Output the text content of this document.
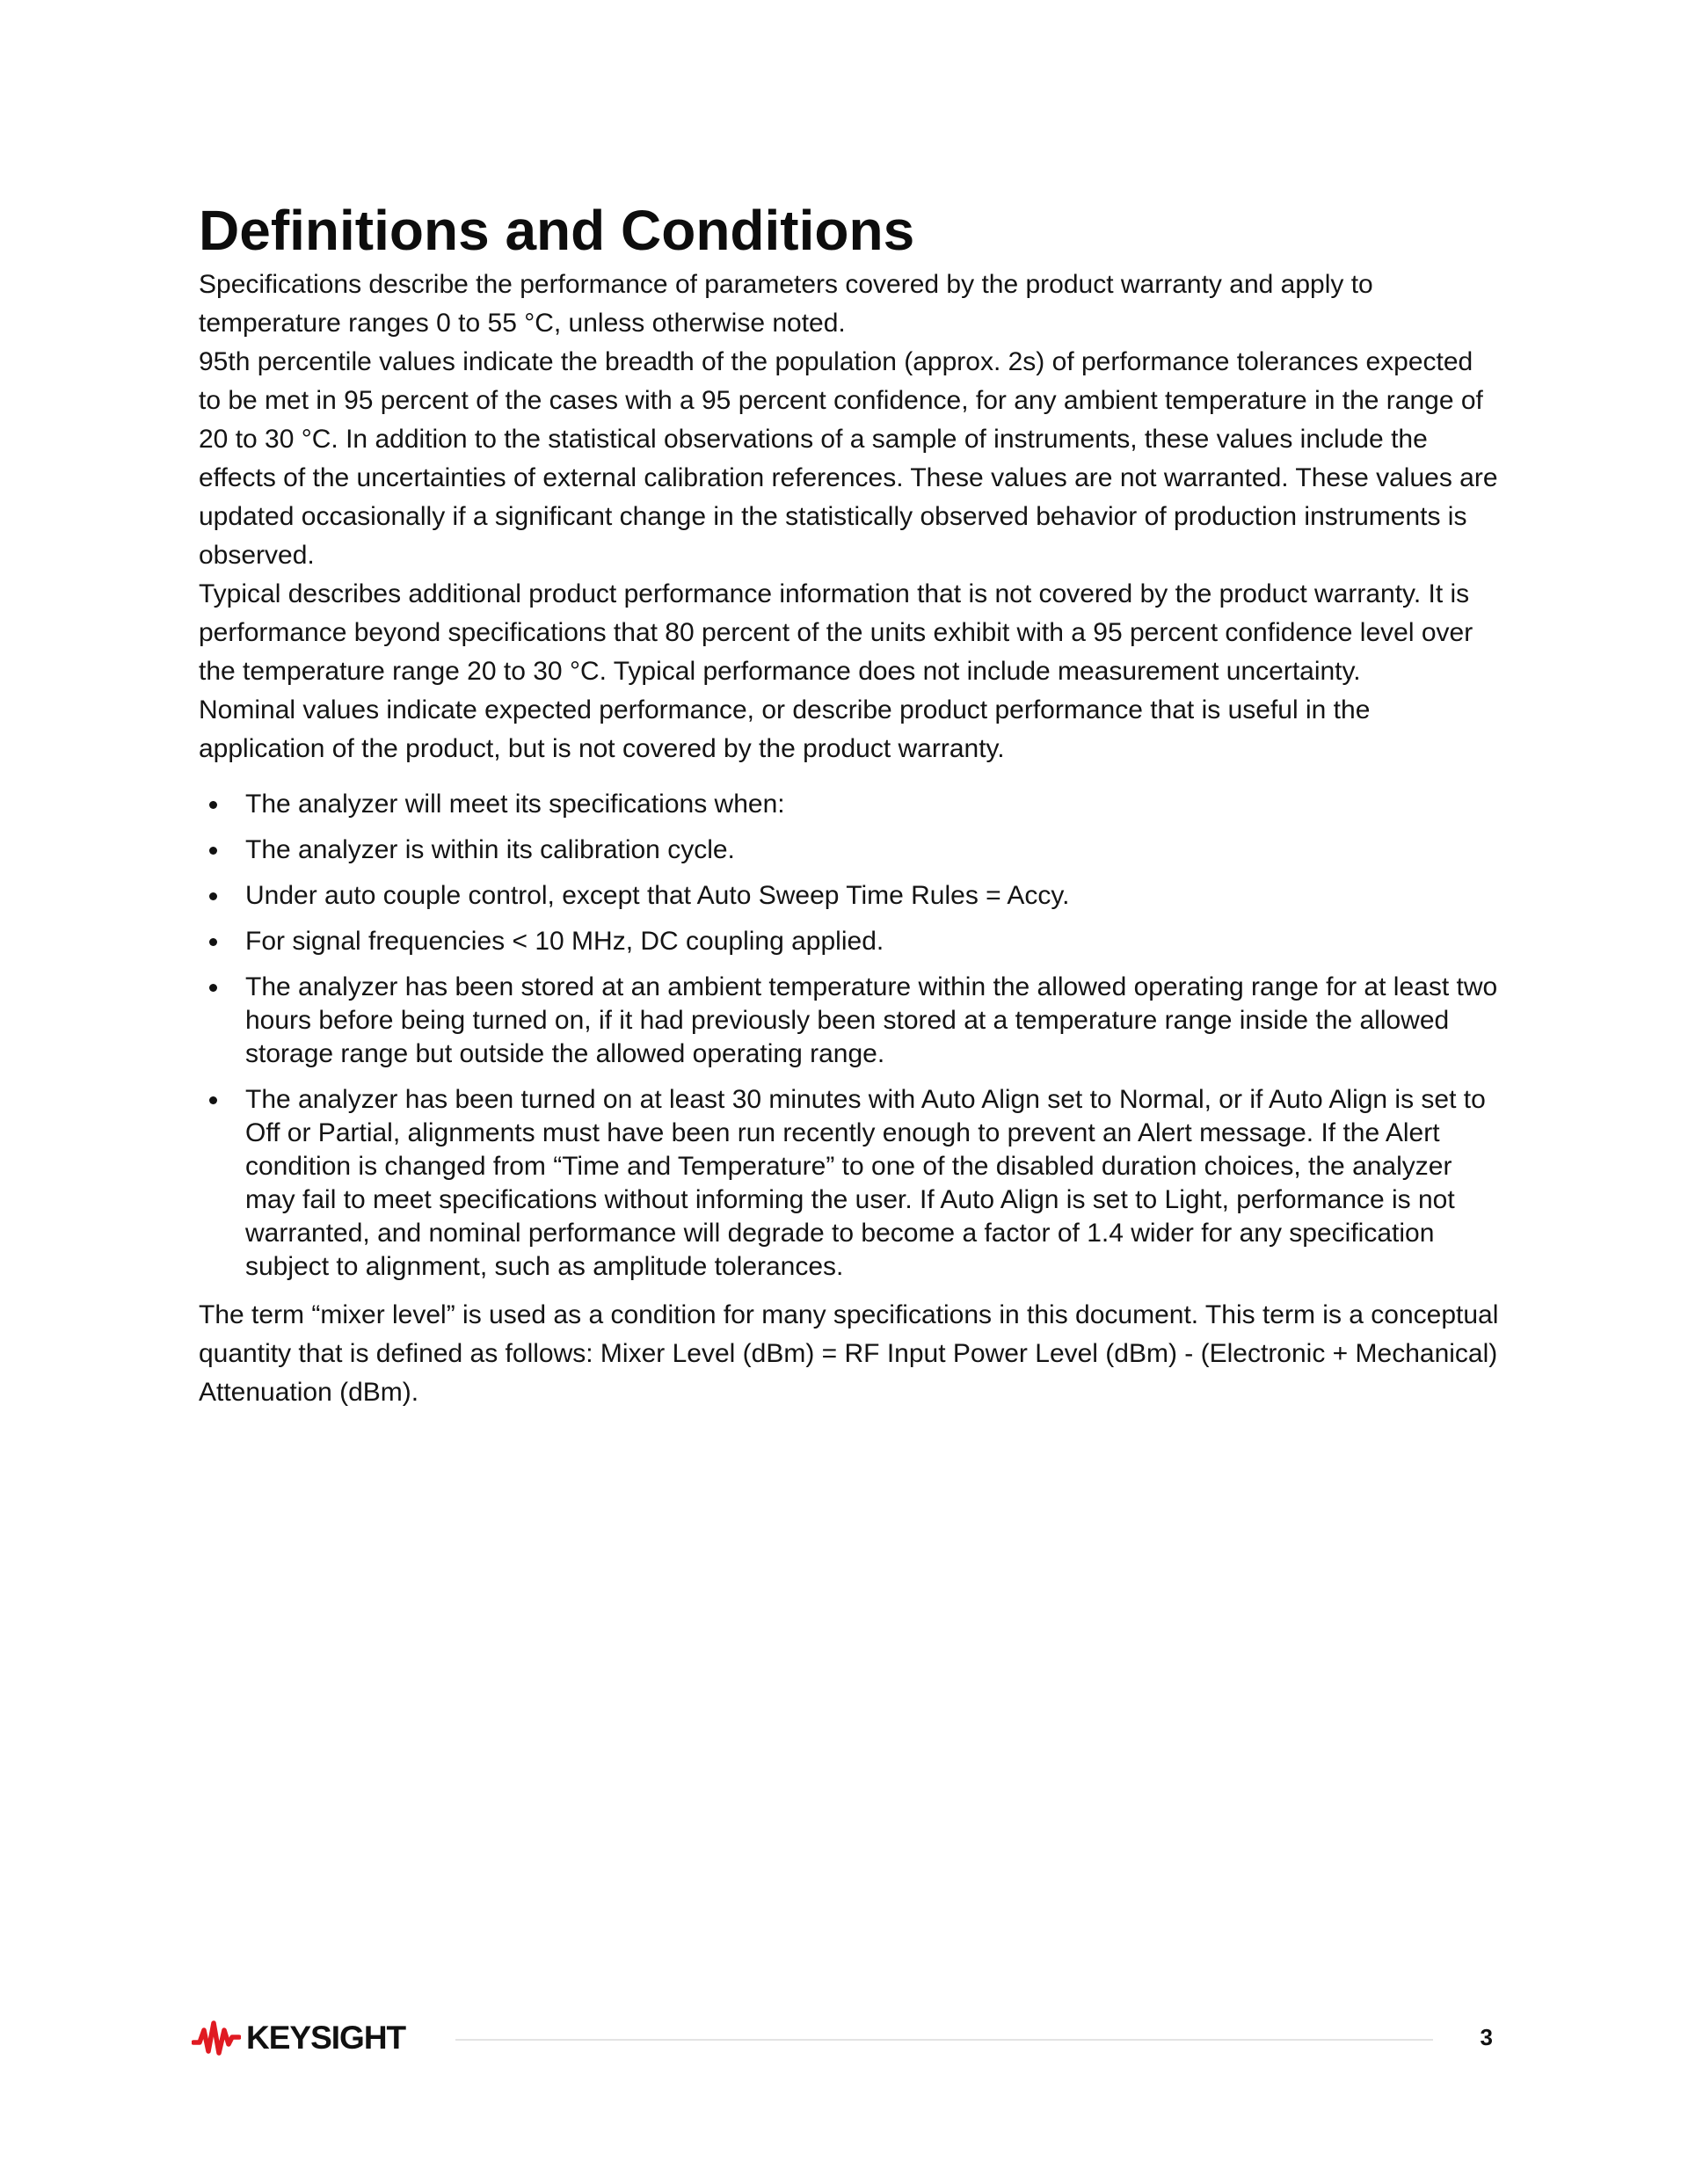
Definitions and Conditions

Specifications describe the performance of parameters covered by the product warranty and apply to temperature ranges 0 to 55 °C, unless otherwise noted.

95th percentile values indicate the breadth of the population (approx. 2s) of performance tolerances expected to be met in 95 percent of the cases with a 95 percent confidence, for any ambient temperature in the range of 20 to 30 °C. In addition to the statistical observations of a sample of instruments, these values include the effects of the uncertainties of external calibration references. These values are not warranted. These values are updated occasionally if a significant change in the statistically observed behavior of production instruments is observed.

Typical describes additional product performance information that is not covered by the product warranty. It is performance beyond specifications that 80 percent of the units exhibit with a 95 percent confidence level over the temperature range 20 to 30 °C. Typical performance does not include measurement uncertainty.

Nominal values indicate expected performance, or describe product performance that is useful in the application of the product, but is not covered by the product warranty.

The analyzer will meet its specifications when:
The analyzer is within its calibration cycle.
Under auto couple control, except that Auto Sweep Time Rules = Accy.
For signal frequencies < 10 MHz, DC coupling applied.
The analyzer has been stored at an ambient temperature within the allowed operating range for at least two hours before being turned on, if it had previously been stored at a temperature range inside the allowed storage range but outside the allowed operating range.
The analyzer has been turned on at least 30 minutes with Auto Align set to Normal, or if Auto Align is set to Off or Partial, alignments must have been run recently enough to prevent an Alert message. If the Alert condition is changed from “Time and Temperature” to one of the disabled duration choices, the analyzer may fail to meet specifications without informing the user. If Auto Align is set to Light, performance is not warranted, and nominal performance will degrade to become a factor of 1.4 wider for any specification subject to alignment, such as amplitude tolerances.

The term “mixer level” is used as a condition for many specifications in this document. This term is a conceptual quantity that is defined as follows: Mixer Level (dBm) = RF Input Power Level (dBm) - (Electronic + Mechanical) Attenuation (dBm).

KEYSIGHT	3
